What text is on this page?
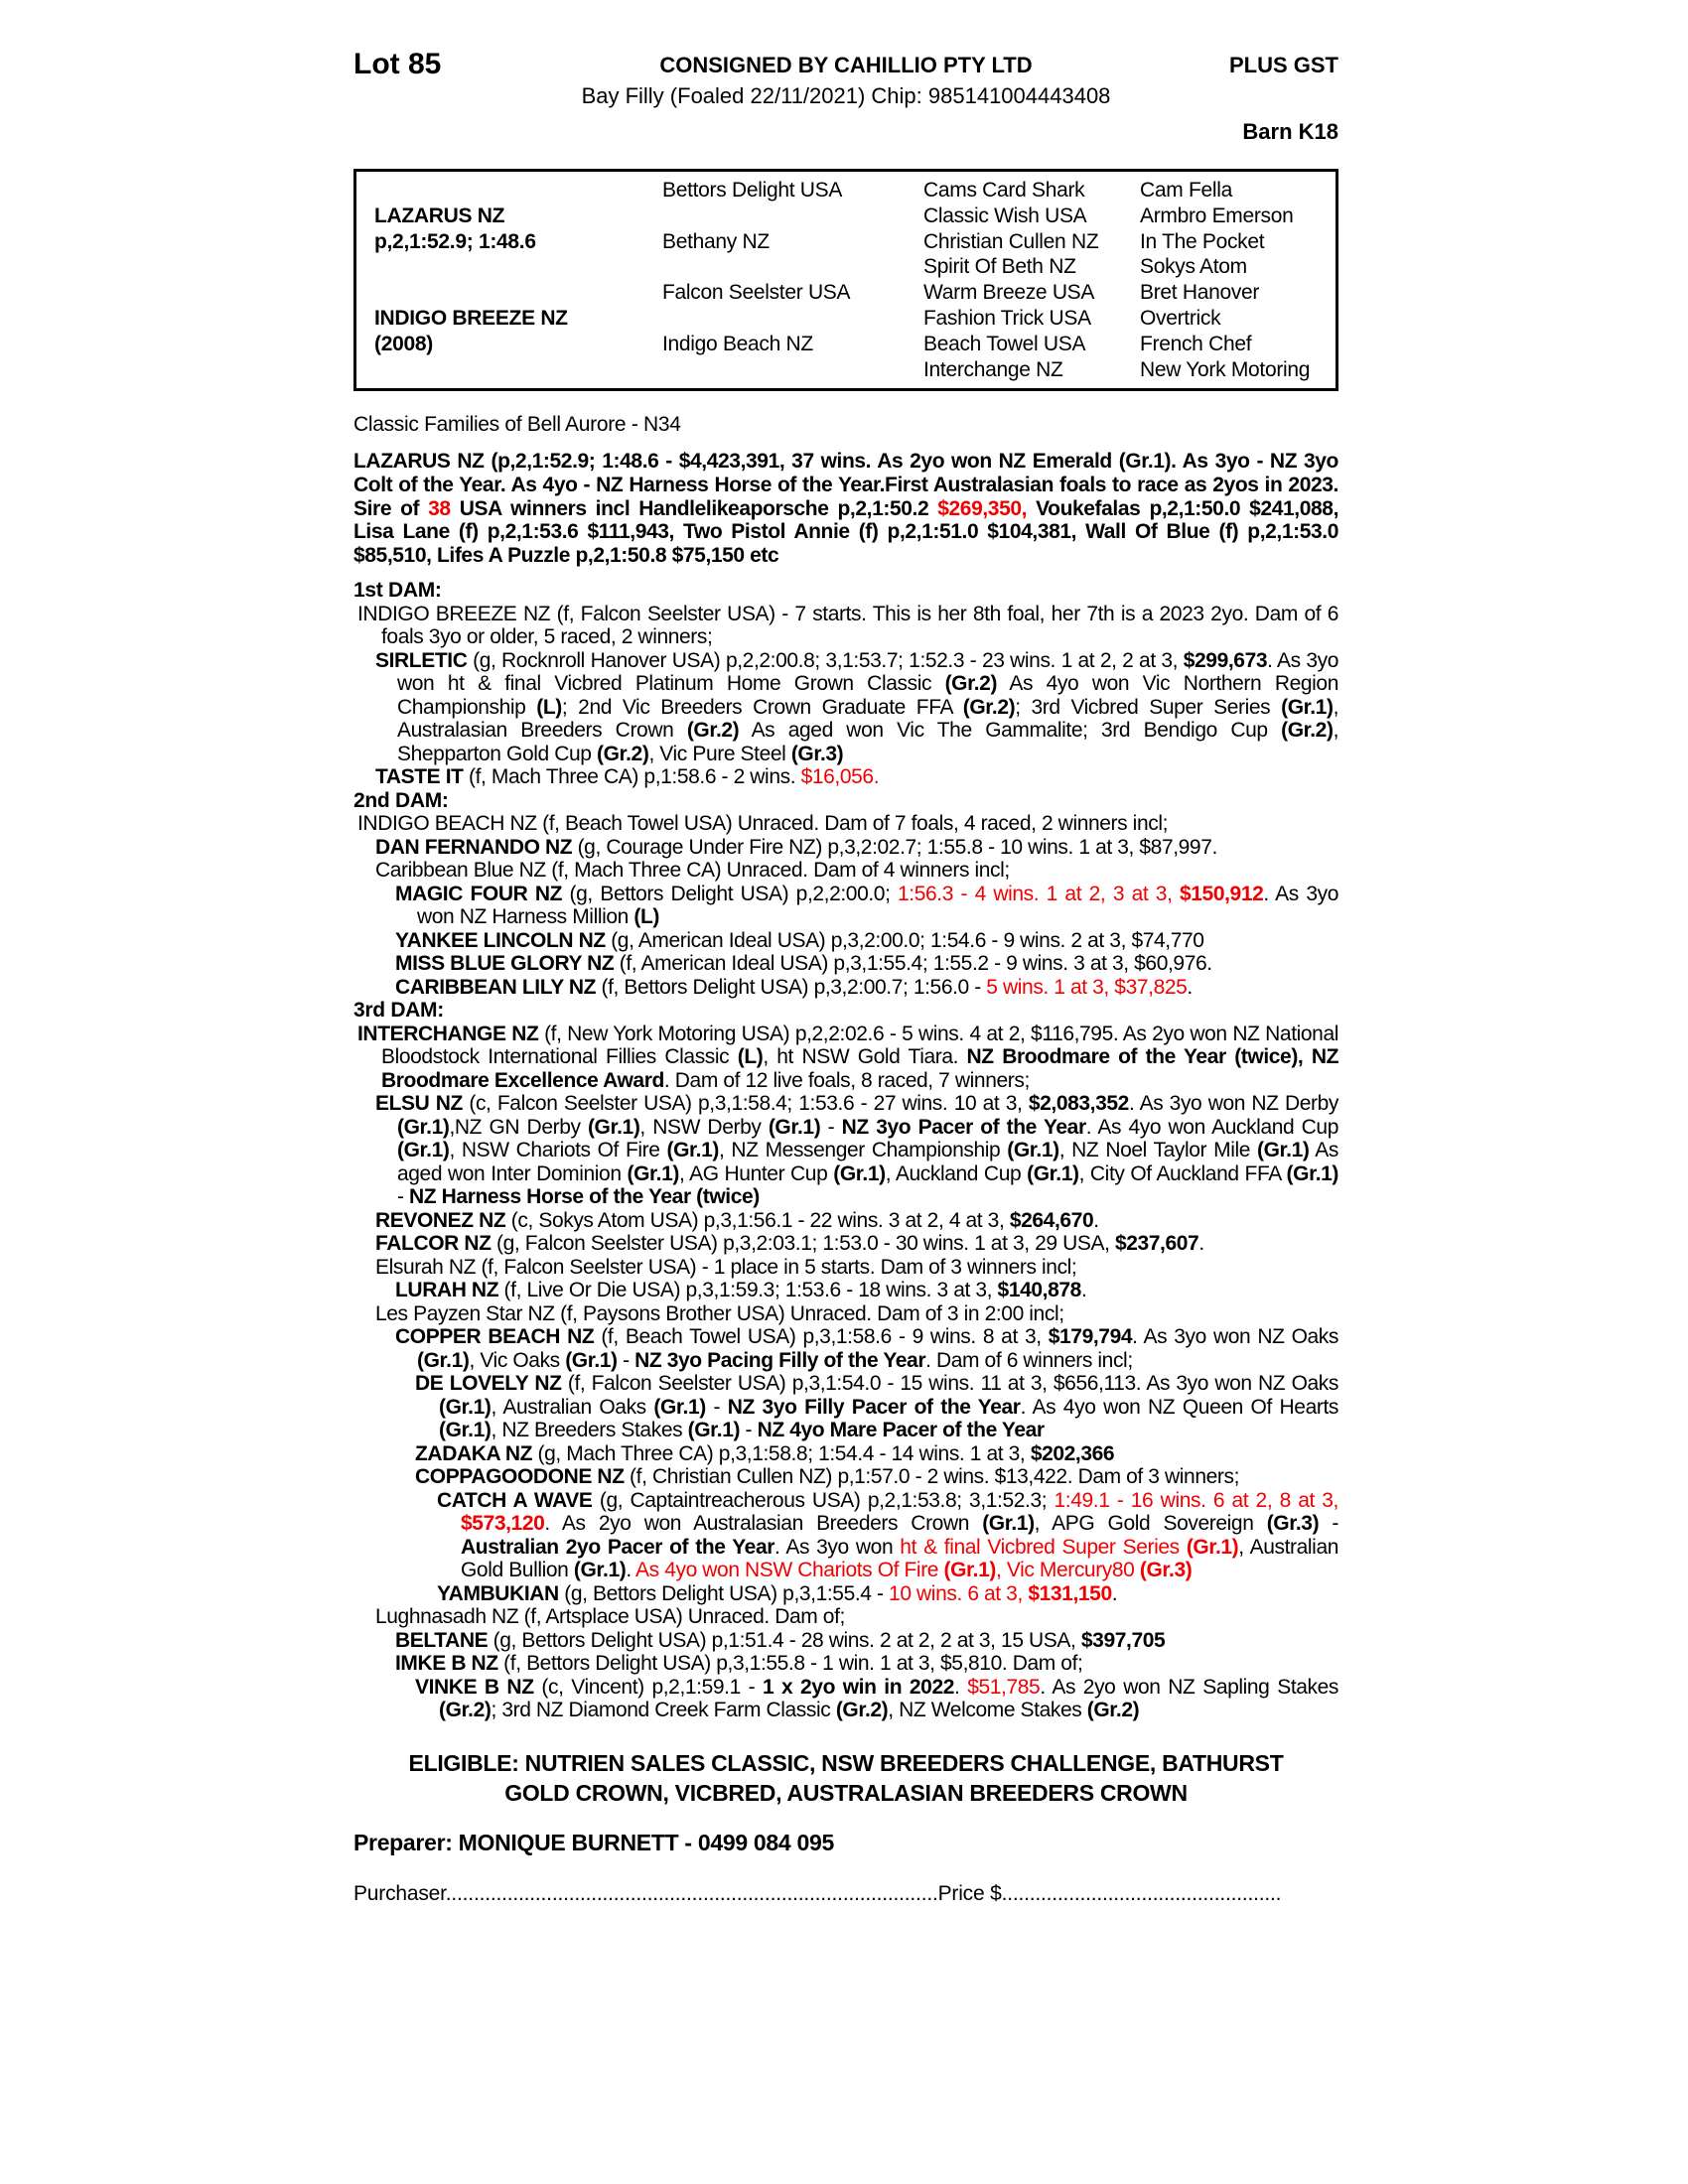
Lot 85	CONSIGNED BY CAHILLIO PTY LTD
Bay Filly (Foaled 22/11/2021) Chip: 985141004443408
PLUS GST
Barn K18
LAZARUS NZ
p,2,1:52.9; 1:48.6
INDIGO BREEZE NZ
(2008)
Bettors Delight USA
Bethany NZ
Falcon Seelster USA
Indigo Beach NZ
Cams Card Shark
Classic Wish USA
Christian Cullen NZ
Spirit Of Beth NZ
Warm Breeze USA
Fashion Trick USA
Beach Towel USA
Interchange NZ
Cam Fella
Armbro Emerson
In The Pocket
Sokys Atom
Bret Hanover
Overtrick
French Chef
New York Motoring
Classic Families of Bell Aurore - N34
LAZARUS NZ (p,2,1:52.9; 1:48.6 - $4,423,391, 37 wins. As 2yo won NZ Emerald (Gr.1). As 3yo - NZ 3yo Colt of the Year. As 4yo - NZ Harness Horse of the Year.First Australasian foals to race as 2yos in 2023. Sire of 38 USA winners incl Handlelikeaporsche p,2,1:50.2 $269,350, Voukefalas p,2,1:50.0 $241,088, Lisa Lane (f) p,2,1:53.6 $111,943, Two Pistol Annie (f) p,2,1:51.0 $104,381, Wall Of Blue (f) p,2,1:53.0 $85,510, Lifes A Puzzle p,2,1:50.8 $75,150 etc
1st DAM:
INDIGO BREEZE NZ (f, Falcon Seelster USA) - 7 starts. This is her 8th foal, her 7th is a 2023 2yo. Dam of 6 foals 3yo or older, 5 raced, 2 winners;
SIRLETIC (g, Rocknroll Hanover USA) p,2,2:00.8; 3,1:53.7; 1:52.3 - 23 wins. 1 at 2, 2 at 3, $299,673. As 3yo won ht & final Vicbred Platinum Home Grown Classic (Gr.2) As 4yo won Vic Northern Region Championship (L); 2nd Vic Breeders Crown Graduate FFA (Gr.2); 3rd Vicbred Super Series (Gr.1), Australasian Breeders Crown (Gr.2) As aged won Vic The Gammalite; 3rd Bendigo Cup (Gr.2), Shepparton Gold Cup (Gr.2), Vic Pure Steel (Gr.3)
TASTE IT (f, Mach Three CA) p,1:58.6 - 2 wins. $16,056.
2nd DAM:
INDIGO BEACH NZ (f, Beach Towel USA) Unraced. Dam of 7 foals, 4 raced, 2 winners incl;
DAN FERNANDO NZ (g, Courage Under Fire NZ) p,3,2:02.7; 1:55.8 - 10 wins. 1 at 3, $87,997.
Caribbean Blue NZ (f, Mach Three CA) Unraced. Dam of 4 winners incl;
MAGIC FOUR NZ (g, Bettors Delight USA) p,2,2:00.0; 1:56.3 - 4 wins. 1 at 2, 3 at 3, $150,912. As 3yo won NZ Harness Million (L)
YANKEE LINCOLN NZ (g, American Ideal USA) p,3,2:00.0; 1:54.6 - 9 wins. 2 at 3, $74,770
MISS BLUE GLORY NZ (f, American Ideal USA) p,3,1:55.4; 1:55.2 - 9 wins. 3 at 3, $60,976.
CARIBBEAN LILY NZ (f, Bettors Delight USA) p,3,2:00.7; 1:56.0 - 5 wins. 1 at 3, $37,825.
3rd DAM:
INTERCHANGE NZ (f, New York Motoring USA) p,2,2:02.6 - 5 wins. 4 at 2, $116,795. As 2yo won NZ National Bloodstock International Fillies Classic (L), ht NSW Gold Tiara. NZ Broodmare of the Year (twice), NZ Broodmare Excellence Award. Dam of 12 live foals, 8 raced, 7 winners;
ELSU NZ (c, Falcon Seelster USA) p,3,1:58.4; 1:53.6 - 27 wins. 10 at 3, $2,083,352. As 3yo won NZ Derby (Gr.1),NZ GN Derby (Gr.1), NSW Derby (Gr.1) - NZ 3yo Pacer of the Year. As 4yo won Auckland Cup (Gr.1), NSW Chariots Of Fire (Gr.1), NZ Messenger Championship (Gr.1), NZ Noel Taylor Mile (Gr.1) As aged won Inter Dominion (Gr.1), AG Hunter Cup (Gr.1), Auckland Cup (Gr.1), City Of Auckland FFA (Gr.1) - NZ Harness Horse of the Year (twice)
REVONEZ NZ (c, Sokys Atom USA) p,3,1:56.1 - 22 wins. 3 at 2, 4 at 3, $264,670.
FALCOR NZ (g, Falcon Seelster USA) p,3,2:03.1; 1:53.0 - 30 wins. 1 at 3, 29 USA, $237,607.
Elsurah NZ (f, Falcon Seelster USA) - 1 place in 5 starts. Dam of 3 winners incl;
LURAH NZ (f, Live Or Die USA) p,3,1:59.3; 1:53.6 - 18 wins. 3 at 3, $140,878.
Les Payzen Star NZ (f, Paysons Brother USA) Unraced. Dam of 3 in 2:00 incl;
COPPER BEACH NZ (f, Beach Towel USA) p,3,1:58.6 - 9 wins. 8 at 3, $179,794. As 3yo won NZ Oaks (Gr.1), Vic Oaks (Gr.1) - NZ 3yo Pacing Filly of the Year. Dam of 6 winners incl;
DE LOVELY NZ (f, Falcon Seelster USA) p,3,1:54.0 - 15 wins. 11 at 3, $656,113. As 3yo won NZ Oaks (Gr.1), Australian Oaks (Gr.1) - NZ 3yo Filly Pacer of the Year. As 4yo won NZ Queen Of Hearts (Gr.1), NZ Breeders Stakes (Gr.1) - NZ 4yo Mare Pacer of the Year
ZADAKA NZ (g, Mach Three CA) p,3,1:58.8; 1:54.4 - 14 wins. 1 at 3, $202,366
COPPAGOODONE NZ (f, Christian Cullen NZ) p,1:57.0 - 2 wins. $13,422. Dam of 3 winners;
CATCH A WAVE (g, Captaintreacherous USA) p,2,1:53.8; 3,1:52.3; 1:49.1 - 16 wins. 6 at 2, 8 at 3, $573,120. As 2yo won Australasian Breeders Crown (Gr.1), APG Gold Sovereign (Gr.3) - Australian 2yo Pacer of the Year. As 3yo won ht & final Vicbred Super Series (Gr.1), Australian Gold Bullion (Gr.1). As 4yo won NSW Chariots Of Fire (Gr.1), Vic Mercury80 (Gr.3)
YAMBUKIAN (g, Bettors Delight USA) p,3,1:55.4 - 10 wins. 6 at 3, $131,150.
Lughnasadh NZ (f, Artsplace USA) Unraced. Dam of;
BELTANE (g, Bettors Delight USA) p,1:51.4 - 28 wins. 2 at 2, 2 at 3, 15 USA, $397,705
IMKE B NZ (f, Bettors Delight USA) p,3,1:55.8 - 1 win. 1 at 3, $5,810. Dam of;
VINKE B NZ (c, Vincent) p,2,1:59.1 - 1 x 2yo win in 2022. $51,785. As 2yo won NZ Sapling Stakes (Gr.2); 3rd NZ Diamond Creek Farm Classic (Gr.2), NZ Welcome Stakes (Gr.2)
ELIGIBLE: NUTRIEN SALES CLASSIC, NSW BREEDERS CHALLENGE, BATHURST
GOLD CROWN, VICBRED, AUSTRALASIAN BREEDERS CROWN
Preparer: MONIQUE BURNETT - 0499 084 095
Purchaser........................................................................................Price $..................................................
